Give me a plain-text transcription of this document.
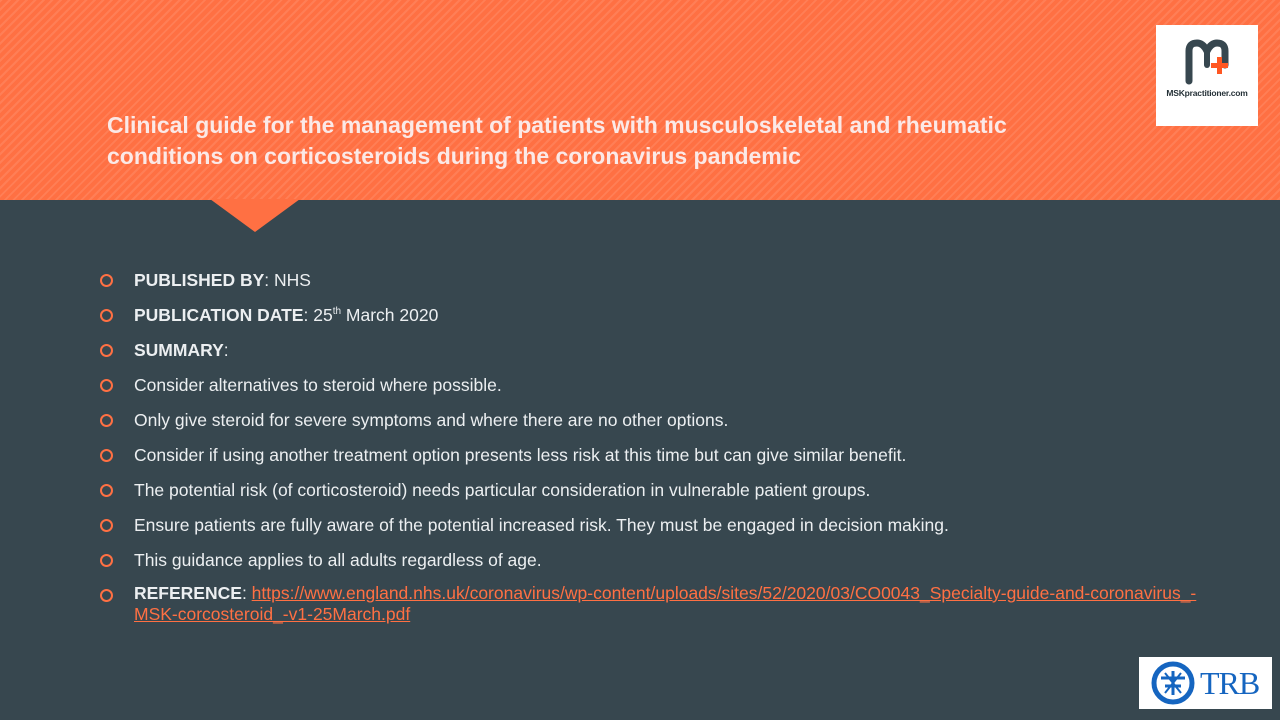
Clinical guide for the management of patients with musculoskeletal and rheumatic conditions on corticosteroids during the coronavirus pandemic
MSKpractitioner.com
PUBLISHED BY: NHS
PUBLICATION DATE: 25th March 2020
SUMMARY:
Consider alternatives to steroid where possible.
Only give steroid for severe symptoms and where there are no other options.
Consider if using another treatment option presents less risk at this time but can give similar benefit.
The potential risk (of corticosteroid) needs particular consideration in vulnerable patient groups.
Ensure patients are fully aware of the potential increased risk. They must be engaged in decision making.
This guidance applies to all adults regardless of age.
REFERENCE: https://www.england.nhs.uk/coronavirus/wp-content/uploads/sites/52/2020/03/CO0043_Specialty-guide-and-coronavirus_-MSK-corcosteroid_-v1-25March.pdf
TRB
